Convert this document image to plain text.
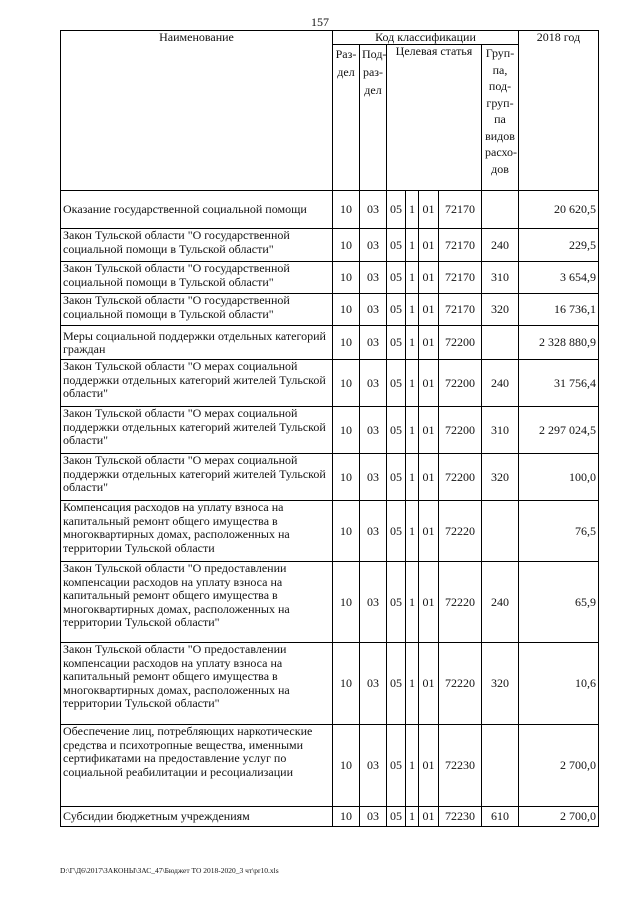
157
Наименование	Код классификации							2018 год

	Раз- дел	Под- раз- дел	Целевая статья				Груп- па, под- груп- па видов расхо- дов	

Оказание государственной социальной помощи	10	03	05	1	01	72170		20 620,5
Закон Тульской области "О государственной социальной помощи в Тульской области"	10	03	05	1	01	72170	240	229,5
Закон Тульской области "О государственной социальной помощи в Тульской области"	10	03	05	1	01	72170	310	3 654,9
Закон Тульской области "О государственной социальной помощи в Тульской области"	10	03	05	1	01	72170	320	16 736,1
Меры социальной поддержки отдельных категорий граждан	10	03	05	1	01	72200		2 328 880,9
Закон Тульской области "О мерах социальной поддержки отдельных категорий жителей Тульской области"	10	03	05	1	01	72200	240	31 756,4
Закон Тульской области "О мерах социальной поддержки отдельных категорий жителей Тульской области"	10	03	05	1	01	72200	310	2 297 024,5
Закон Тульской области "О мерах социальной поддержки отдельных категорий жителей Тульской области"	10	03	05	1	01	72200	320	100,0
Компенсация расходов на уплату взноса на капитальный ремонт общего имущества в многоквартирных домах, расположенных на территории Тульской области	10	03	05	1	01	72220		76,5
Закон Тульской области "О предоставлении компенсации расходов на уплату взноса на капитальный ремонт общего имущества в многоквартирных домах, расположенных на территории Тульской области"	10	03	05	1	01	72220	240	65,9
Закон Тульской области "О предоставлении компенсации расходов на уплату взноса на капитальный ремонт общего имущества в многоквартирных домах, расположенных на территории Тульской области"	10	03	05	1	01	72220	320	10,6
Обеспечение лиц, потребляющих наркотические средства и психотропные вещества, именными сертификатами на предоставление услуг по социальной реабилитации и ресоциализации	10	03	05	1	01	72230		2 700,0
Субсидии бюджетным учреждениям	10	03	05	1	01	72230	610	2 700,0
D:\Г\Д6\2017\ЗАКОНЫ\ЗАС_47\Бюджет ТО 2018-2020_3 чт\pr10.xls
